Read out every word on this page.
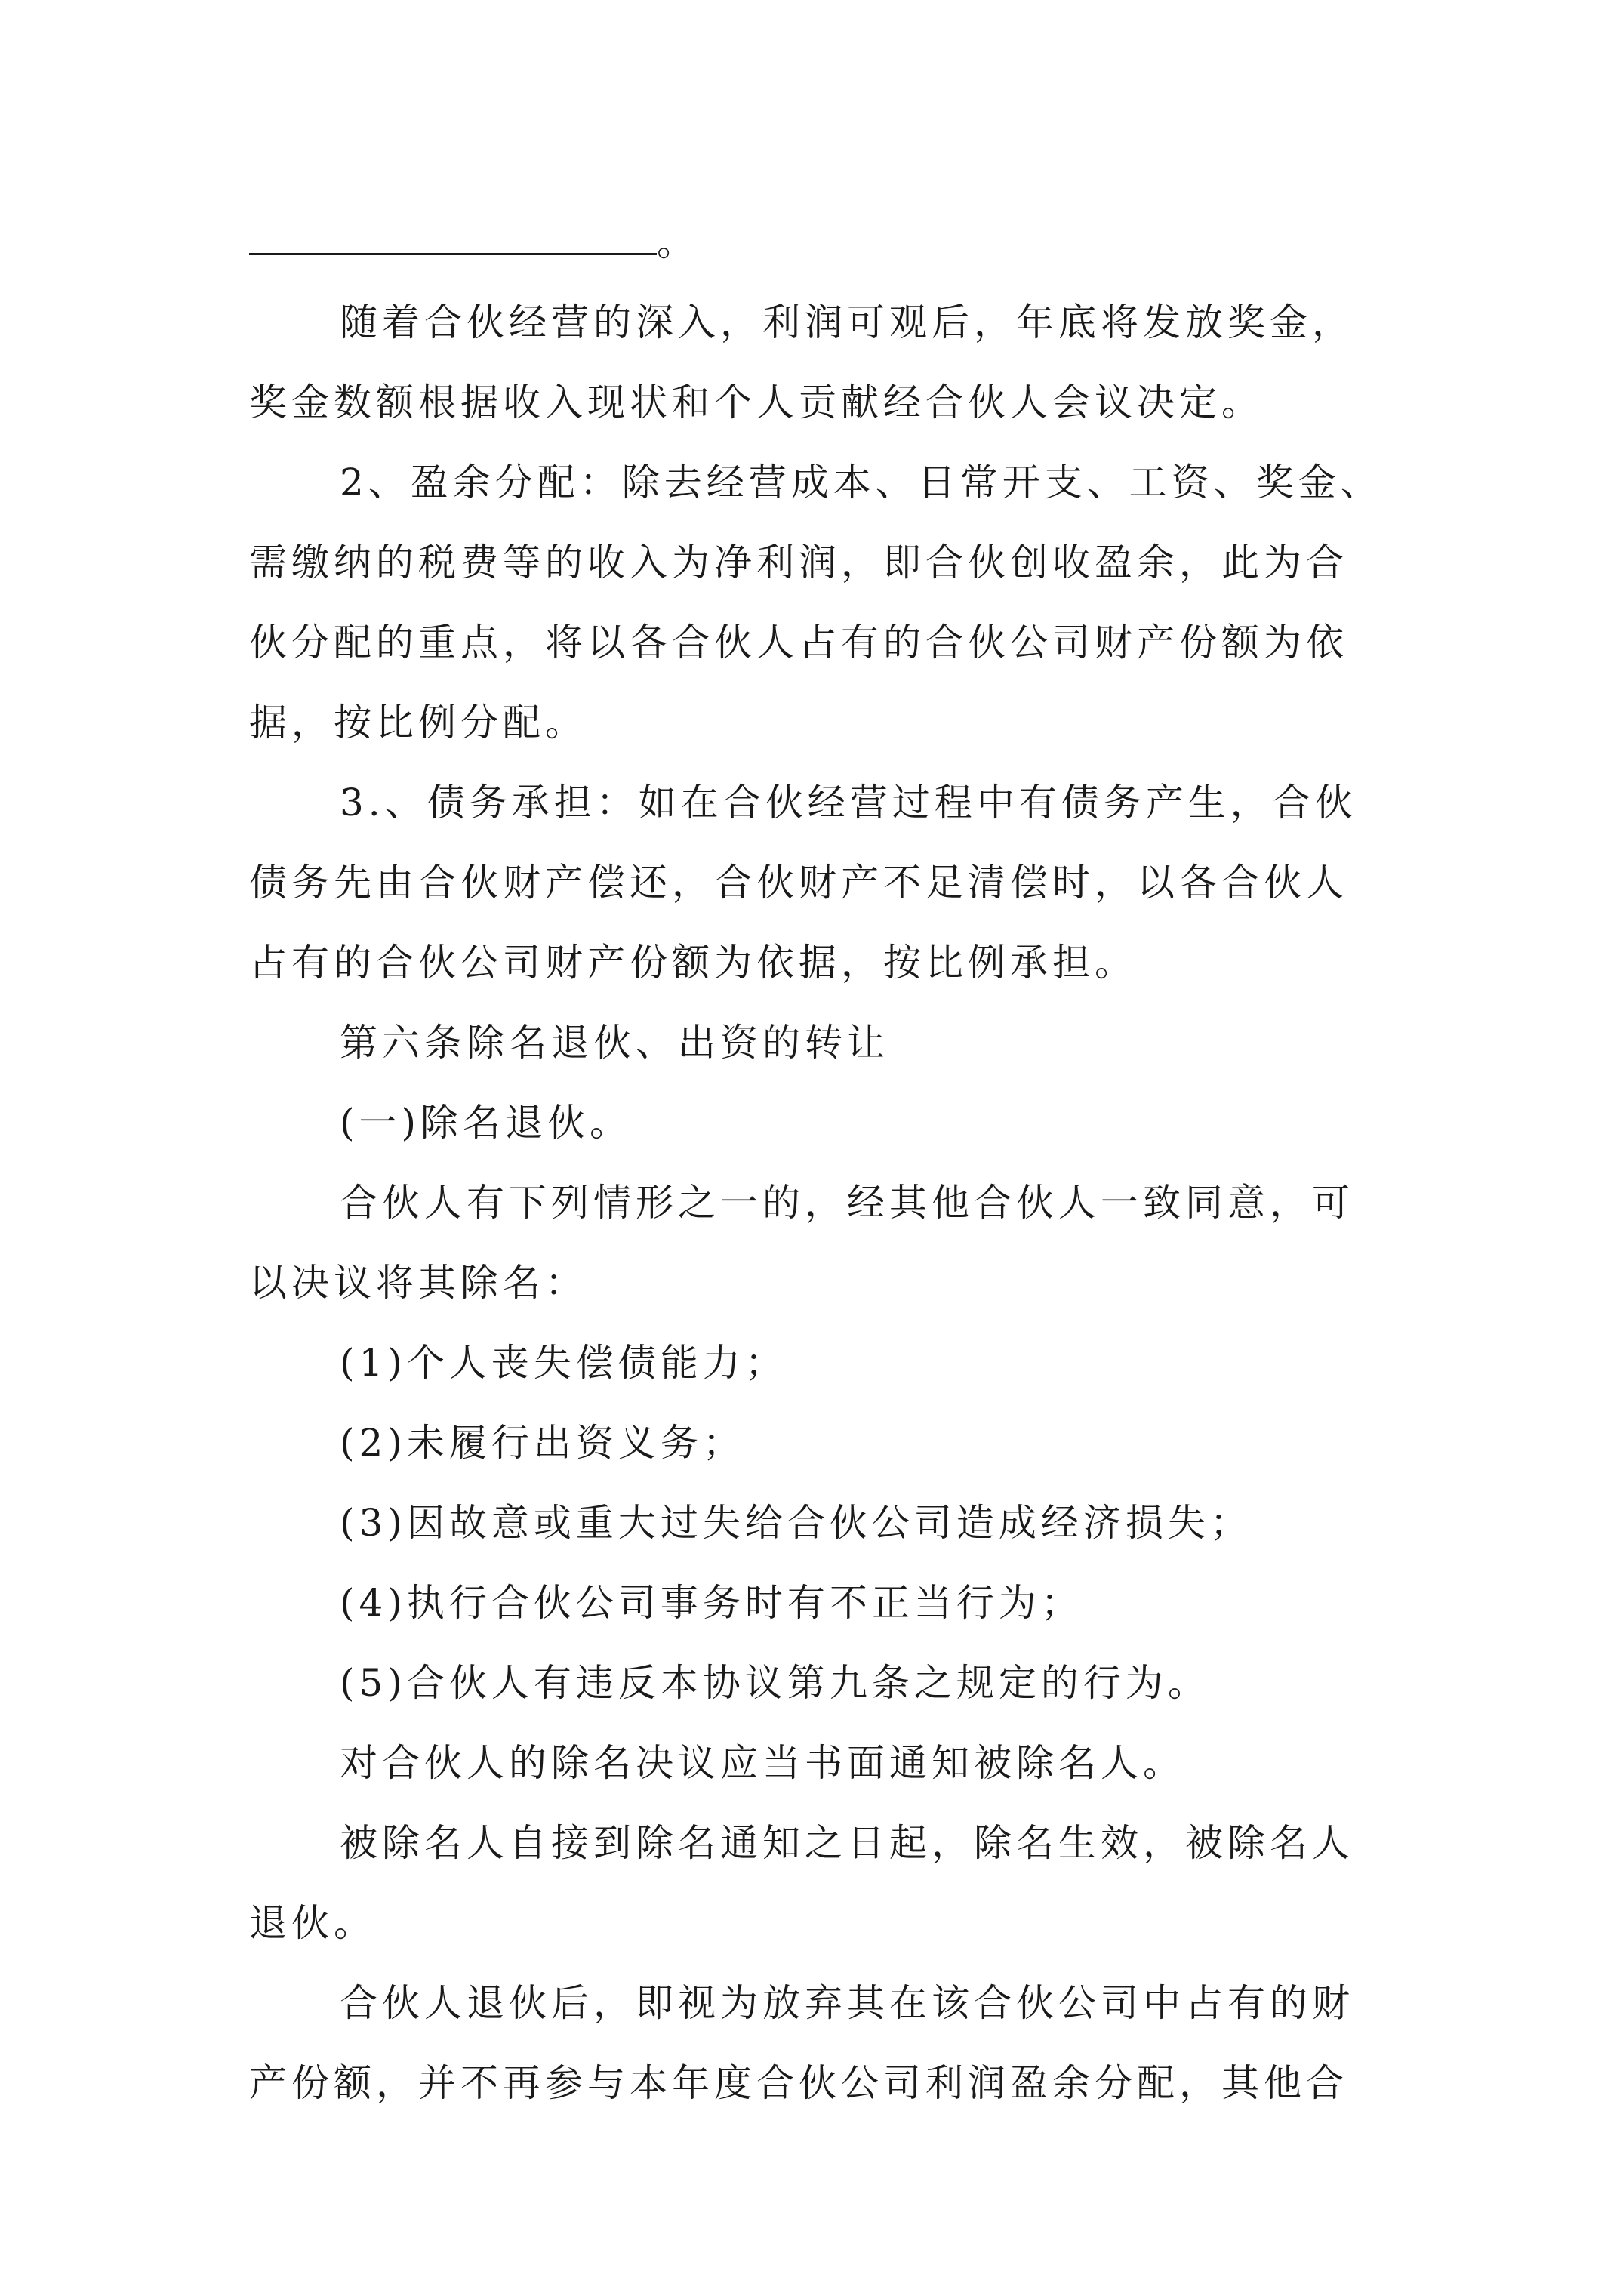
。
随着合伙经营的深入，利润可观后，年底将发放奖金，
奖金数额根据收入现状和个人贡献经合伙人会议决定。
2、盈余分配：除去经营成本、日常开支、工资、奖金、
需缴纳的税费等的收入为净利润，即合伙创收盈余，此为合
伙分配的重点，将以各合伙人占有的合伙公司财产份额为依
据，按比例分配。
3.、债务承担：如在合伙经营过程中有债务产生，合伙
债务先由合伙财产偿还，合伙财产不足清偿时，以各合伙人
占有的合伙公司财产份额为依据，按比例承担。
第六条除名退伙、出资的转让
(一)除名退伙。
合伙人有下列情形之一的，经其他合伙人一致同意，可
以决议将其除名：
(1)个人丧失偿债能力；
(2)未履行出资义务；
(3)因故意或重大过失给合伙公司造成经济损失；
(4)执行合伙公司事务时有不正当行为；
(5)合伙人有违反本协议第九条之规定的行为。
对合伙人的除名决议应当书面通知被除名人。
被除名人自接到除名通知之日起，除名生效，被除名人
退伙。
合伙人退伙后，即视为放弃其在该合伙公司中占有的财
产份额，并不再参与本年度合伙公司利润盈余分配，其他合
